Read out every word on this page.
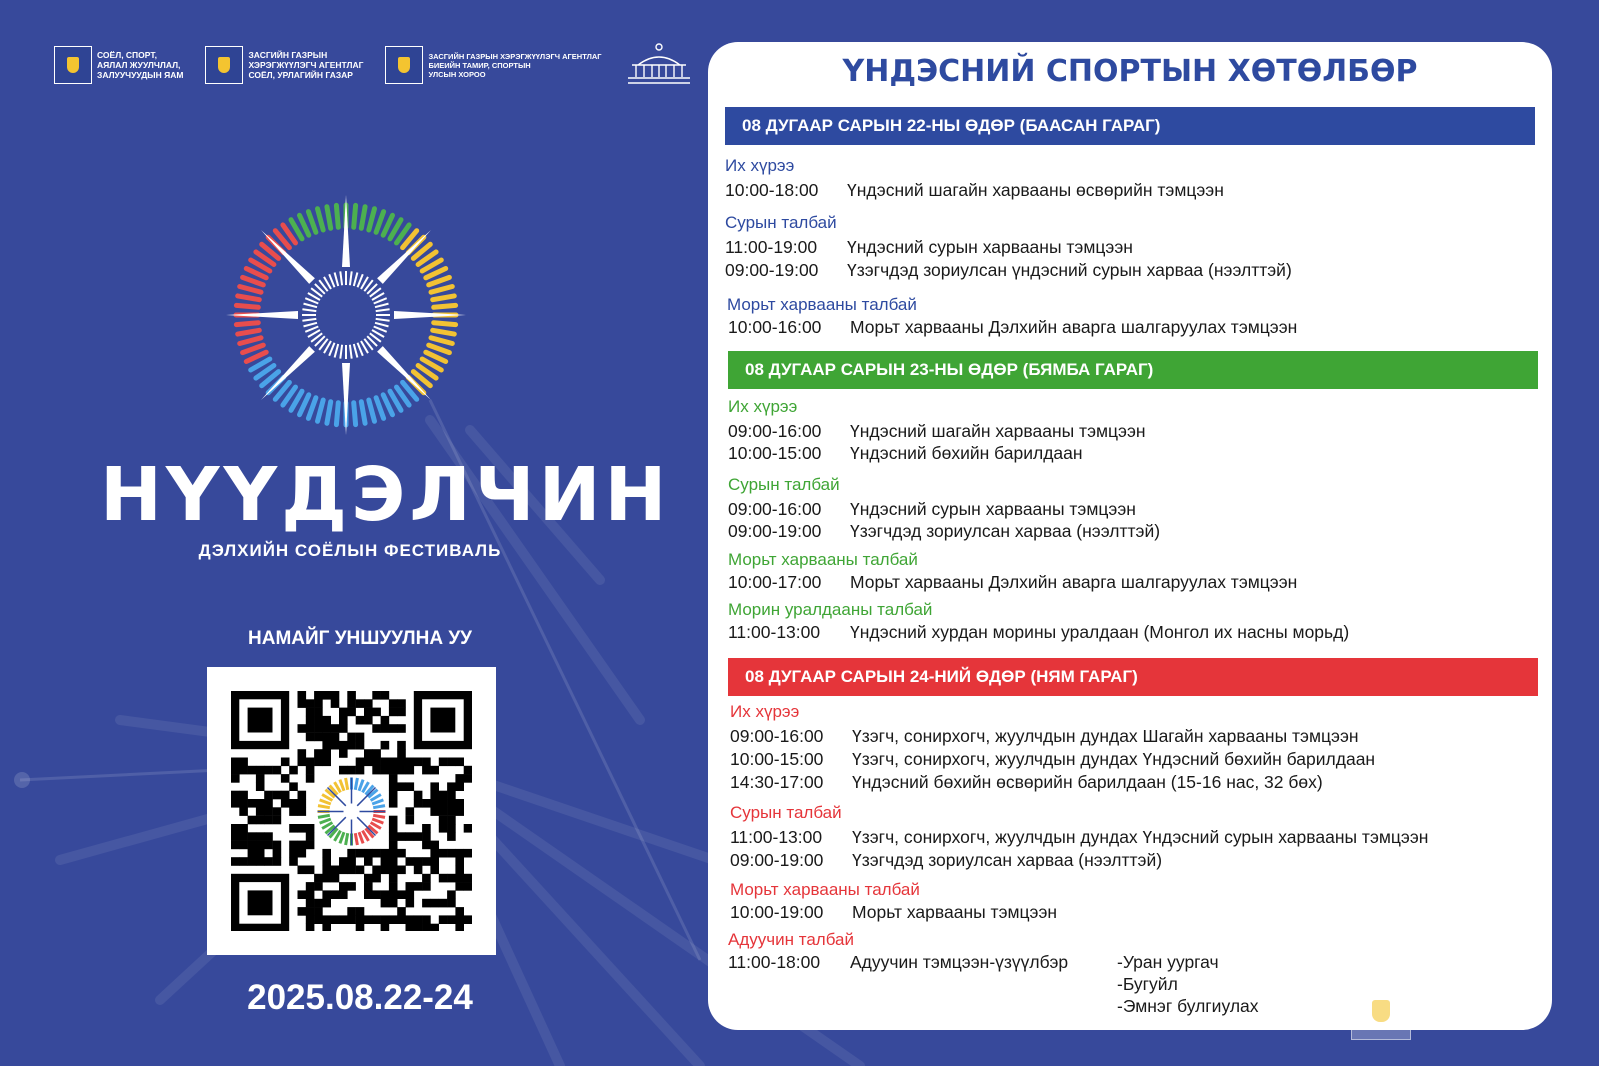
СОЁЛ, СПОРТ,
АЯЛАЛ ЖУУЛЧЛАЛ,
ЗАЛУУЧУУДЫН ЯАМ
ЗАСГИЙН ГАЗРЫН
ХЭРЭГЖҮҮЛЭГЧ АГЕНТЛАГ
СОЁЛ, УРЛАГИЙН ГАЗАР
ЗАСГИЙН ГАЗРЫН ХЭРЭГЖҮҮЛЭГЧ АГЕНТЛАГ
БИЕИЙН ТАМИР, СПОРТЫН
УЛСЫН ХОРОО
НҮҮДЭЛЧИН
ДЭЛХИЙН СОЁЛЫН ФЕСТИВАЛЬ
НАМАЙГ УНШУУЛНА УУ
2025.08.22-24
ҮНДЭСНИЙ СПОРТЫН ХӨТӨЛБӨР
08 ДУГААР САРЫН 22-НЫ ӨДӨР (БААСАН ГАРАГ)
Их хүрээ
10:00-18:00 Үндэсний шагайн харвааны өсвөрийн тэмцээн
Сурын талбай
11:00-19:00 Үндэсний сурын харвааны тэмцээн
09:00-19:00 Үзэгчдэд зориулсан үндэсний сурын харваа (нээлттэй)
Морьт харвааны талбай
10:00-16:00 Морьт харвааны Дэлхийн аварга шалгаруулах тэмцээн
08 ДУГААР САРЫН 23-НЫ ӨДӨР (БЯМБА ГАРАГ)
Их хүрээ
09:00-16:00 Үндэсний шагайн харвааны тэмцээн
10:00-15:00 Үндэсний бөхийн барилдаан
Сурын талбай
09:00-16:00 Үндэсний сурын харвааны тэмцээн
09:00-19:00 Үзэгчдэд зориулсан харваа (нээлттэй)
Морьт харвааны талбай
10:00-17:00 Морьт харвааны Дэлхийн аварга шалгаруулах тэмцээн
Морин уралдааны талбай
11:00-13:00 Үндэсний хурдан морины уралдаан (Монгол их насны морьд)
08 ДУГААР САРЫН 24-НИЙ ӨДӨР (НЯМ ГАРАГ)
Их хүрээ
09:00-16:00 Үзэгч, сонирхогч, жуулчдын дундах Шагайн харвааны тэмцээн
10:00-15:00 Үзэгч, сонирхогч, жуулчдын дундах Үндэсний бөхийн барилдаан
14:30-17:00 Үндэсний бөхийн өсвөрийн барилдаан (15-16 нас, 32 бөх)
Сурын талбай
11:00-13:00 Үзэгч, сонирхогч, жуулчдын дундах Үндэсний сурын харвааны тэмцээн
09:00-19:00 Үзэгчдэд зориулсан харваа (нээлттэй)
Морьт харвааны талбай
10:00-19:00 Морьт харвааны тэмцээн
Адуучин талбай
11:00-18:00 Адуучин тэмцээн-үзүүлбэр	-Уран уургач
-Бугуйл
-Эмнэг булгиулах	ЛАГ
ОРТЫН
